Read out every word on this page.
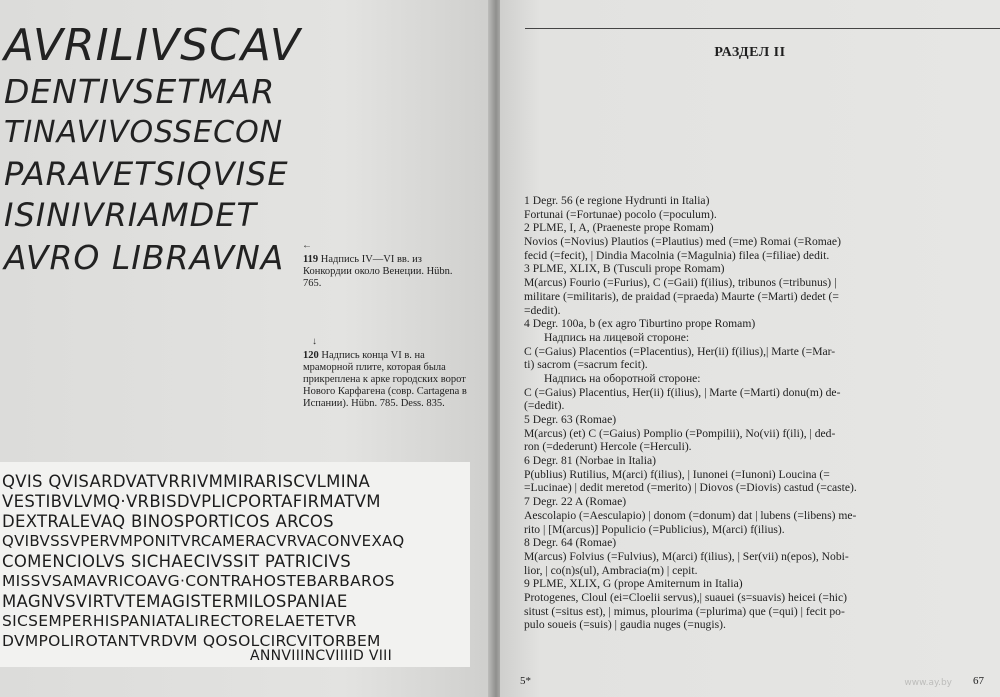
AVRILIVSCAV
DENTIVSETMAR
TINAVIVOSSECON
PARAVETSIQVISE
ISINIVRIAMDET
AVRO LIBRAVNA ←
119 Надпись IV—VI вв. из Конкордии около Венеции. Hübn. 765.
↓
120 Надпись конца VI в. на мраморной плите, которая была прикреплена к арке городских ворот Нового Карфагена (совр. Cartagena в Испании). Hübn. 785. Dess. 835.
QVIS QVISARDVATVRRIVMMIRARISCVLMINA
VESTIBVLVMQ·VRBISDVPLICPORTAFIRMATVM
DEXTRALEVAQ BINOSPORTICOS ARCOS
QVIBVSSVPERVMPONITVRCAMERACVRVACONVEXAQ
COMENCIOLVS SICHAECIVSSIT PATRICIVS
MISSVSAMAVRICOAVG·CONTRAHOSTEBARBAROS
MAGNVSVIRTVTEMAGISTERMILOSPANIAE
SICSEMPERHISPANIATALIRECTORELAETETVR
DVMPOLIROTANTVRDVM QOSOLCIRCVITORBEM
ANNVIIINCVIIIID VIII
РАЗДЕЛ II
1 Degr. 56 (e regione Hydrunti in Italia)
Fortunai (=Fortunae) pocolo (=poculum).
2 PLME, I, A, (Praeneste prope Romam)
Novios (=Novius) Plautios (=Plautius) med (=me) Romai (=Romae)
fecid (=fecit), | Dindia Macolnia (=Magulnia) filea (=filiae) dedit.
3 PLME, XLIX, B (Tusculi prope Romam)
M(arcus) Fourio (=Furius), C (=Gaii) f(ilius), tribunos (=tribunus) |
militare (=militaris), de praidad (=praeda) Maurte (=Marti) dedet (=
=dedit).
4 Degr. 100a, b (ex agro Tiburtino prope Romam)
Надпись на лицевой стороне:
C (=Gaius) Placentios (=Placentius), Her(ii) f(ilius),| Marte (=Mar-
ti) sacrom (=sacrum fecit).
Надпись на оборотной стороне:
C (=Gaius) Placentius, Her(ii) f(ilius), | Marte (=Marti) donu(m) de-
(=dedit).
5 Degr. 63 (Romae)
M(arcus) (et) C (=Gaius) Pomplio (=Pompilii), No(vii) f(ili), | ded-
ron (=dederunt) Hercole (=Herculi).
6 Degr. 81 (Norbae in Italia)
P(ublius) Rutilius, M(arci) f(ilius), | Iunonei (=Iunoni) Loucina (=
=Lucinae) | dedit meretod (=merito) | Diovos (=Diovis) castud (=caste).
7 Degr. 22 A (Romae)
Aescolapio (=Aesculapio) | donom (=donum) dat | lubens (=libens) me-
rito | [M(arcus)] Populicio (=Publicius), M(arci) f(ilius).
8 Degr. 64 (Romae)
M(arcus) Folvius (=Fulvius), M(arci) f(ilius), | Ser(vii) n(epos), Nobi-
lior, | co(n)s(ul), Ambracia(m) | cepit.
9 PLME, XLIX, G (prope Amiternum in Italia)
Protogenes, Cloul (ei=Cloelii servus),| suauei (s=suavis) heicei (=hic)
situst (=situs est), | mimus, plourima (=plurima) que (=qui) | fecit po-
pulo soueis (=suis) | gaudia nuges (=nugis).
5*	www.ay.by 67
